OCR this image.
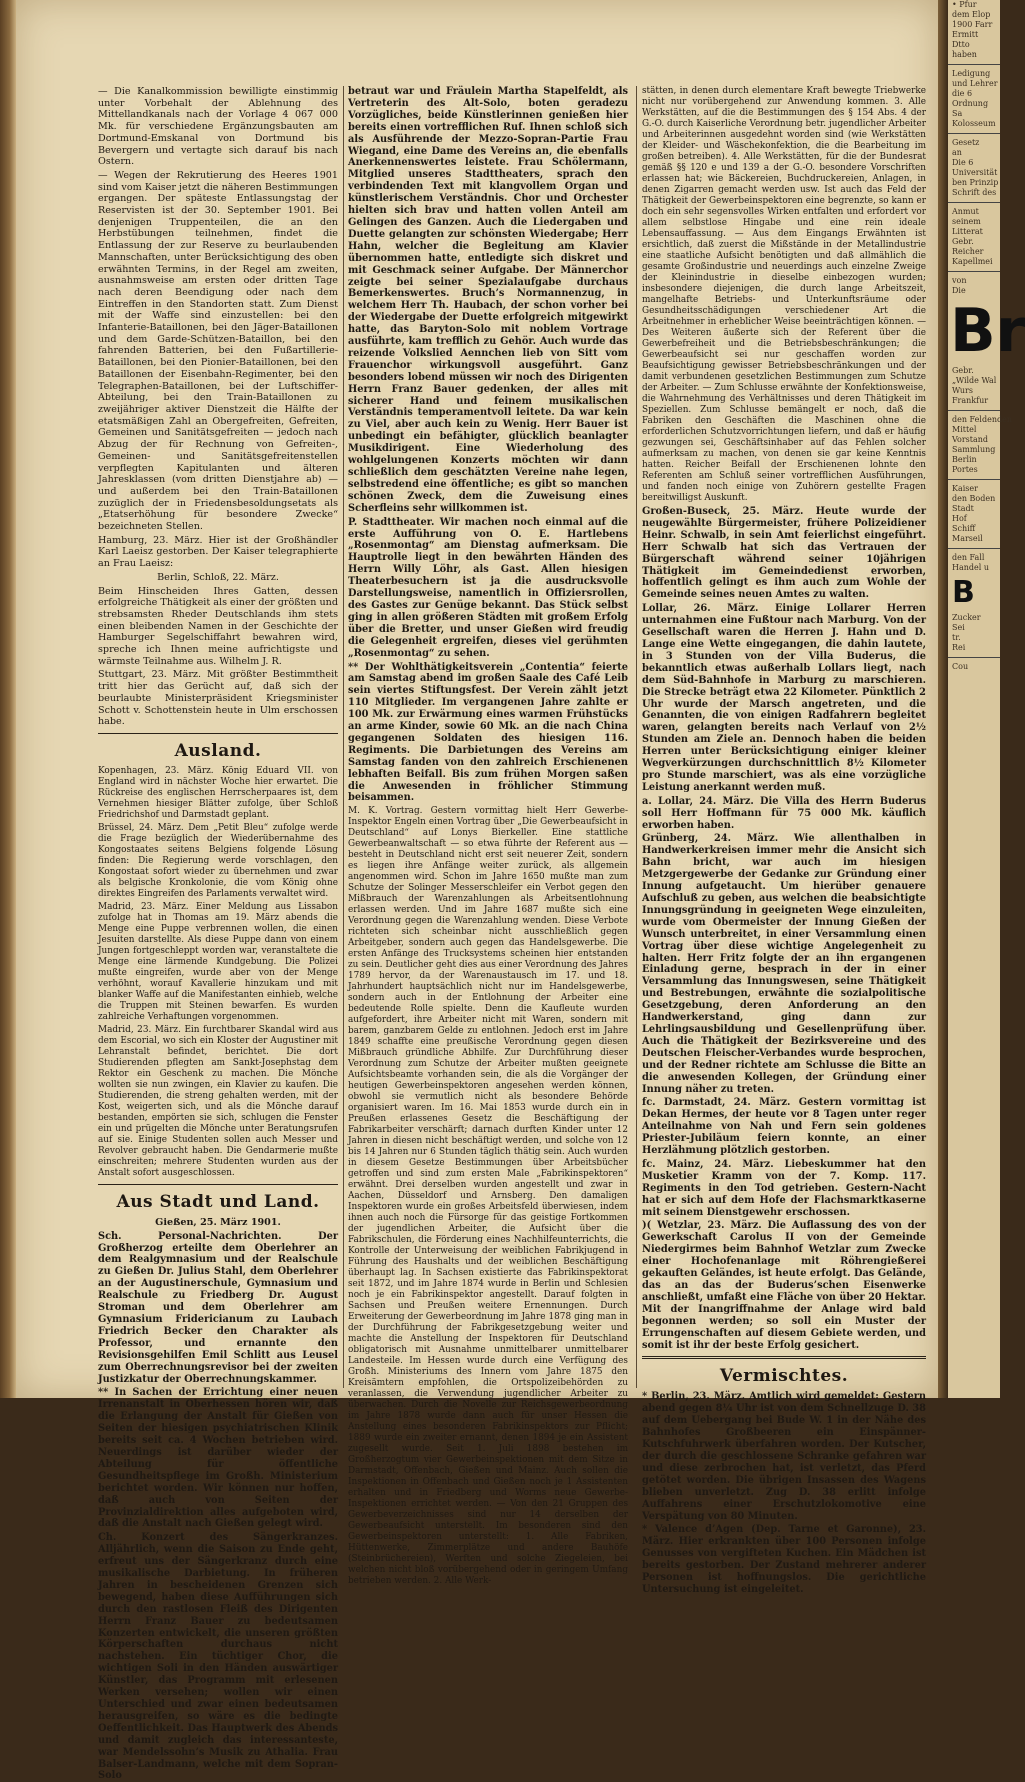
— Die Kanalkommission bewilligte einstimmig unter Vorbehalt der Ablehnung des Mittellandkanals nach der Vorlage 4 067 000 Mk. für verschiedene Ergänzungsbauten am Dortmund-Emskanal von Dortmund bis Bevergern und vertagte sich darauf bis nach Ostern.

— Wegen der Rekrutierung des Heeres 1901 sind vom Kaiser jetzt die näheren Bestimmungen ergangen. Der späteste Entlassungstag der Reservisten ist der 30. September 1901. Bei denjenigen Truppenteilen, die an den Herbstübungen teilnehmen, findet die Entlassung der zur Reserve zu beurlaubenden Mannschaften, unter Berücksichtigung des oben erwähnten Termins, in der Regel am zweiten, ausnahmsweise am ersten oder dritten Tage nach deren Beendigung oder nach dem Eintreffen in den Standorten statt. Zum Dienst mit der Waffe sind einzustellen: bei den Infanterie-Bataillonen, bei den Jäger-Bataillonen und dem Garde-Schützen-Bataillon, bei den fahrenden Batterien, bei den Fußartillerie-Bataillonen, bei den Pionier-Bataillonen, bei den Bataillonen der Eisenbahn-Regimenter, bei den Telegraphen-Bataillonen, bei der Luftschiffer-Abteilung, bei den Train-Bataillonen zu zweijähriger aktiver Dienstzeit die Hälfte der etatsmäßigen Zahl an Obergefreiten, Gefreiten, Gemeinen und Sanitätsgefreiten — jedoch nach Abzug der für Rechnung von Gefreiten-, Gemeinen- und Sanitätsgefreitenstellen verpflegten Kapitulanten und älteren Jahresklassen (vom dritten Dienstjahre ab) — und außerdem bei den Train-Bataillonen zuzüglich der in Friedensbesoldungsetats als „Etatserhöhung für besondere Zwecke“ bezeichneten Stellen.

Hamburg, 23. März. Hier ist der Großhändler Karl Laeisz gestorben. Der Kaiser telegraphierte an Frau Laeisz:

Berlin, Schloß, 22. März.

Beim Hinscheiden Ihres Gatten, dessen erfolgreiche Thätigkeit als einer der größten und strebsamsten Rheder Deutschlands ihm stets einen bleibenden Namen in der Geschichte der Hamburger Segelschiffahrt bewahren wird, spreche ich Ihnen meine aufrichtigste und wärmste Teilnahme aus. Wilhelm J. R.

Stuttgart, 23. März. Mit größter Bestimmtheit tritt hier das Gerücht auf, daß sich der beurlaubte Ministerpräsident Kriegsminister Schott v. Schottenstein heute in Ulm erschossen habe.

Ausland.

Kopenhagen, 23. März. König Eduard VII. von England wird in nächster Woche hier erwartet. Die Rückreise des englischen Herrscherpaares ist, dem Vernehmen hiesiger Blätter zufolge, über Schloß Friedrichshof und Darmstadt geplant.

Brüssel, 24. März. Dem „Petit Bleu“ zufolge werde die Frage bezüglich der Wiederübernahme des Kongostaates seitens Belgiens folgende Lösung finden: Die Regierung werde vorschlagen, den Kongostaat sofort wieder zu übernehmen und zwar als belgische Kronkolonie, die vom König ohne direktes Eingreifen des Parlaments verwaltet wird.

Madrid, 23. März. Einer Meldung aus Lissabon zufolge hat in Thomas am 19. März abends die Menge eine Puppe verbrennen wollen, die einen Jesuiten darstellte. Als diese Puppe dann von einem Jungen fortgeschleppt worden war, veranstaltete die Menge eine lärmende Kundgebung. Die Polizei mußte eingreifen, wurde aber von der Menge verhöhnt, worauf Kavallerie hinzukam und mit blanker Waffe auf die Manifestanten einhieb, welche die Truppen mit Steinen bewarfen. Es wurden zahlreiche Verhaftungen vorgenommen.

Madrid, 23. März. Ein furchtbarer Skandal wird aus dem Escorial, wo sich ein Kloster der Augustiner mit Lehranstalt befindet, berichtet. Die dort Studierenden pflegten am Sankt-Josephstag dem Rektor ein Geschenk zu machen. Die Mönche wollten sie nun zwingen, ein Klavier zu kaufen. Die Studierenden, die streng gehalten werden, mit der Kost, weigerten sich, und als die Mönche darauf bestanden, empörten sie sich, schlugen die Fenster ein und prügelten die Mönche unter Beratungsrufen auf sie. Einige Studenten sollen auch Messer und Revolver gebraucht haben. Die Gendarmerie mußte einschreiten; mehrere Studenten wurden aus der Anstalt sofort ausgeschlossen.

Aus Stadt und Land.

Gießen, 25. März 1901.

Sch. Personal-Nachrichten. Der Großherzog erteilte dem Oberlehrer an dem Realgymnasium und der Realschule zu Gießen Dr. Julius Stahl, dem Oberlehrer an der Augustinerschule, Gymnasium und Realschule zu Friedberg Dr. August Stroman und dem Oberlehrer am Gymnasium Fridericianum zu Laubach Friedrich Becker den Charakter als Professor, und ernannte den Revisionsgehilfen Emil Schlitt aus Leusel zum Oberrechnungsrevisor bei der zweiten Justizkatur der Oberrechnungskammer.

** In Sachen der Errichtung einer neuen Irrenanstalt in Oberhessen hören wir, daß die Erlangung der Anstalt für Gießen von Seiten der hiesigen psychiatrischen Klinik bereits seit ca. 4 Wochen betrieben wird. Neuerdings ist darüber wieder der Abteilung für öffentliche Gesundheitspflege im Großh. Ministerium berichtet worden. Wir können nur hoffen, daß auch von Seiten der Provinzialdirektion alles aufgeboten wird, daß die Anstalt nach Gießen gelegt wird.

Ch. Konzert des Sängerkranzes. Alljährlich, wenn die Saison zu Ende geht, erfreut uns der Sängerkranz durch eine musikalische Darbietung. In früheren Jahren in bescheidenen Grenzen sich bewegend, haben diese Aufführungen sich durch den rastlosen Fleiß des Dirigenten Herrn Franz Bauer zu bedeutsamen Konzerten entwickelt, die unseren größten Körperschaften durchaus nicht nachstehen. Ein tüchtiger Chor, die wichtigen Soli in den Händen auswärtiger Künstler, das Programm mit erlesenen Werken versehen; wollen wir einen Unterschied und zwar einen bedeutsamen herausgreifen, so wäre es die bedingte Oeffentlichkeit. Das Hauptwerk des Abends und damit zugleich das interessanteste, war Mendelssohn’s Musik zu Athalia. Frau Balser-Landmann, welche mit dem Sopran-Solo

betraut war und Fräulein Martha Stapelfeldt, als Vertreterin des Alt-Solo, boten geradezu Vorzügliches, beide Künstlerinnen genießen hier bereits einen vortrefflichen Ruf. Ihnen schloß sich als Ausführende der Mezzo-Sopran-Partie Frau Wiegand, eine Dame des Vereins an, die ebenfalls Anerkennenswertes leistete. Frau Schölermann, Mitglied unseres Stadttheaters, sprach den verbindenden Text mit klangvollem Organ und künstlerischem Verständnis. Chor und Orchester hielten sich brav und hatten vollen Anteil am Gelingen des Ganzen. Auch die Liedergaben und Duette gelangten zur schönsten Wiedergabe; Herr Hahn, welcher die Begleitung am Klavier übernommen hatte, entledigte sich diskret und mit Geschmack seiner Aufgabe. Der Männerchor zeigte bei seiner Spezialaufgabe durchaus Bemerkenswertes. Bruch’s Normannenzug, in welchem Herr Th. Haubach, der schon vorher bei der Wiedergabe der Duette erfolgreich mitgewirkt hatte, das Baryton-Solo mit noblem Vortrage ausführte, kam trefflich zu Gehör. Auch wurde das reizende Volkslied Aennchen lieb von Sitt vom Frauenchor wirkungsvoll ausgeführt. Ganz besonders lobend müssen wir noch des Dirigenten Herrn Franz Bauer gedenken, der alles mit sicherer Hand und feinem musikalischen Verständnis temperamentvoll leitete. Da war kein zu Viel, aber auch kein zu Wenig. Herr Bauer ist unbedingt ein befähigter, glücklich beanlagter Musikdirigent. Eine Wiederholung des wohlgelungenen Konzerts möchten wir dann schließlich dem geschätzten Vereine nahe legen, selbstredend eine öffentliche; es gibt so manchen schönen Zweck, dem die Zuweisung eines Scherfleins sehr willkommen ist.

P. Stadttheater. Wir machen noch einmal auf die erste Aufführung von O. E. Hartlebens „Rosenmontag“ am Dienstag aufmerksam. Die Hauptrolle liegt in den bewährten Händen des Herrn Willy Löhr, als Gast. Allen hiesigen Theaterbesuchern ist ja die ausdrucksvolle Darstellungsweise, namentlich in Offiziersrollen, des Gastes zur Genüge bekannt. Das Stück selbst ging in allen größeren Städten mit großem Erfolg über die Bretter, und unser Gießen wird freudig die Gelegenheit ergreifen, dieses viel gerühmten „Rosenmontag“ zu sehen.

** Der Wohlthätigkeitsverein „Contentia“ feierte am Samstag abend im großen Saale des Café Leib sein viertes Stiftungsfest. Der Verein zählt jetzt 110 Mitglieder. Im vergangenen Jahre zahlte er 100 Mk. zur Erwärmung eines warmen Frühstücks an arme Kinder, sowie 60 Mk. an die nach China gegangenen Soldaten des hiesigen 116. Regiments. Die Darbietungen des Vereins am Samstag fanden von den zahlreich Erschienenen lebhaften Beifall. Bis zum frühen Morgen saßen die Anwesenden in fröhlicher Stimmung beisammen.

M. K. Vortrag. Gestern vormittag hielt Herr Gewerbe-Inspektor Engeln einen Vortrag über „Die Gewerbeaufsicht in Deutschland“ auf Lonys Bierkeller. Eine stattliche Gewerbeanwaltschaft — so etwa führte der Referent aus — besteht in Deutschland nicht erst seit neuerer Zeit, sondern es liegen ihre Anfänge weiter zurück, als allgemein angenommen wird. Schon im Jahre 1650 mußte man zum Schutze der Solinger Messerschleifer ein Verbot gegen den Mißbrauch der Warenzahlungen als Arbeitsentlohnung erlassen werden. Und im Jahre 1687 mußte sich eine Verordnung gegen die Warenzahlung wenden. Diese Verbote richteten sich scheinbar nicht ausschließlich gegen Arbeitgeber, sondern auch gegen das Handelsgewerbe. Die ersten Anfänge des Trucksystems scheinen hier entstanden zu sein. Deutlicher geht dies aus einer Verordnung des Jahres 1789 hervor, da der Warenaustausch im 17. und 18. Jahrhundert hauptsächlich nicht nur im Handelsgewerbe, sondern auch in der Entlohnung der Arbeiter eine bedeutende Rolle spielte. Denn die Kaufleute wurden aufgefordert, ihre Arbeiter nicht mit Waren, sondern mit barem, ganzbarem Gelde zu entlohnen. Jedoch erst im Jahre 1849 schaffte eine preußische Verordnung gegen diesen Mißbrauch gründliche Abhilfe. Zur Durchführung dieser Verordnung zum Schutze der Arbeiter mußten geeignete Aufsichtsbeamte vorhanden sein, die als die Vorgänger der heutigen Gewerbeinspektoren angesehen werden können, obwohl sie vermutlich nicht als besondere Behörde organisiert waren. Im 16. Mai 1853 wurde durch ein in Preußen erlassenes Gesetz die Beschäftigung der Fabrikarbeiter verschärft; darnach durften Kinder unter 12 Jahren in diesen nicht beschäftigt werden, und solche von 12 bis 14 Jahren nur 6 Stunden täglich thätig sein. Auch wurden in diesem Gesetze Bestimmungen über Arbeitsbücher getroffen und sind zum ersten Male „Fabrikinspektoren“ erwähnt. Drei derselben wurden angestellt und zwar in Aachen, Düsseldorf und Arnsberg. Den damaligen Inspektoren wurde ein großes Arbeitsfeld überwiesen, indem ihnen auch noch die Fürsorge für das geistige Fortkommen der jugendlichen Arbeiter, die Aufsicht über die Fabrikschulen, die Förderung eines Nachhilfeunterrichts, die Kontrolle der Unterweisung der weiblichen Fabrikjugend in Führung des Haushalts und der weiblichen Beschäftigung überhaupt lag. In Sachsen existierte das Fabrikinspektorat seit 1872, und im Jahre 1874 wurde in Berlin und Schlesien noch je ein Fabrikinspektor angestellt. Darauf folgten in Sachsen und Preußen weitere Ernennungen. Durch Erweiterung der Gewerbeordnung im Jahre 1878 ging man in der Durchführung der Fabrikgesetzgebung weiter und machte die Anstellung der Inspektoren für Deutschland obligatorisch mit Ausnahme unmittelbarer unmittelbarer Landesteile. Im Hessen wurde durch eine Verfügung des Großh. Ministeriums des Innern vom Jahre 1875 den Kreisämtern empfohlen, die Ortspolizeibehörden zu veranlassen, die Verwendung jugendlicher Arbeiter zu überwachen. Durch die Novelle zur Reichsgewerbeordnung im Jahre 1878 wurde dann auch für unser Hessen die Anstellung eines besonderen Fabrikinspektors zur Pflicht; 1889 wurde ein zweiter ernannt, denen 1894 je ein Assistent zugesellt wurde. Seit 1. Juli 1898 bestehen im Großherzogtum vier Gewerbeinspektionen mit dem Sitze in Darmstadt, Offenbach, Gießen und Mainz. Auch sollen die Inspektionen in Offenbach und Gießen noch je 1 Assistenten erhalten und in Friedberg und Worms neue Gewerbe-Inspektionen errichtet werden. — Von den 21 Gruppen des Gewerbeverzeichnisses sind nur 14 derselben der Gewerbeaufsicht unterstellt. Im besonderen sind den Gewerbeinspektoren unterstellt: 1. Alle Fabriken, Hüttenwerke, Zimmerplätze und andere Bauhöfe (Steinbrüchereien), Werften und solche Ziegeleien, bei welchen nicht bloß vorübergehend oder in geringem Umfang betrieben werden. 2. Alle Werk-

stätten, in denen durch elementare Kraft bewegte Triebwerke nicht nur vorübergehend zur Anwendung kommen. 3. Alle Werkstätten, auf die die Bestimmungen des § 154 Abs. 4 der G.-O. durch Kaiserliche Verordnung betr. jugendlicher Arbeiter und Arbeiterinnen ausgedehnt worden sind (wie Werkstätten der Kleider- und Wäschekonfektion, die die Bearbeitung im großen betreiben). 4. Alle Werkstätten, für die der Bundesrat gemäß §§ 120 e und 139 a der G.-O. besondere Vorschriften erlassen hat; wie Bäckereien, Buchdruckereien, Anlagen, in denen Zigarren gemacht werden usw. Ist auch das Feld der Thätigkeit der Gewerbeinspektoren eine begrenzte, so kann er doch ein sehr segensvolles Wirken entfalten und erfordert vor allem selbstlose Hingabe und eine rein ideale Lebensauffassung. — Aus dem Eingangs Erwähnten ist ersichtlich, daß zuerst die Mißstände in der Metallindustrie eine staatliche Aufsicht benötigten und daß allmählich die gesamte Großindustrie und neuerdings auch einzelne Zweige der Kleinindustrie in dieselbe einbezogen wurden; insbesondere diejenigen, die durch lange Arbeitszeit, mangelhafte Betriebs- und Unterkunftsräume oder Gesundheitsschädigungen verschiedener Art die Arbeitnehmer in erheblicher Weise beeinträchtigen können. — Des Weiteren äußerte sich der Referent über die Gewerbefreiheit und die Betriebsbeschränkungen; die Gewerbeaufsicht sei nur geschaffen worden zur Beaufsichtigung gewisser Betriebsbeschränkungen und der damit verbundenen gesetzlichen Bestimmungen zum Schutze der Arbeiter. — Zum Schlusse erwähnte der Konfektionsweise, die Wahrnehmung des Verhältnisses und deren Thätigkeit im Speziellen. Zum Schlusse bemängelt er noch, daß die Fabriken den Geschäften die Maschinen ohne die erforderlichen Schutzvorrichtungen liefern, und daß er häufig gezwungen sei, Geschäftsinhaber auf das Fehlen solcher aufmerksam zu machen, von denen sie gar keine Kenntnis hatten. Reicher Beifall der Erschienenen lohnte den Referenten am Schluß seiner vortrefflichen Ausführungen, und fanden noch einige von Zuhörern gestellte Fragen bereitwilligst Auskunft.

Großen-Buseck, 25. März. Heute wurde der neugewählte Bürgermeister, frühere Polizeidiener Heinr. Schwalb, in sein Amt feierlichst eingeführt. Herr Schwalb hat sich das Vertrauen der Bürgerschaft während seiner 10jährigen Thätigkeit im Gemeindedienst erworben, hoffentlich gelingt es ihm auch zum Wohle der Gemeinde seines neuen Amtes zu walten.

Lollar, 26. März. Einige Lollarer Herren unternahmen eine Fußtour nach Marburg. Von der Gesellschaft waren die Herren J. Hahn und D. Lange eine Wette eingegangen, die dahin lautete, in 3 Stunden von der Villa Buderus, die bekanntlich etwas außerhalb Lollars liegt, nach dem Süd-Bahnhofe in Marburg zu marschieren. Die Strecke beträgt etwa 22 Kilometer. Pünktlich 2 Uhr wurde der Marsch angetreten, und die Genannten, die von einigen Radfahrern begleitet waren, gelangten bereits nach Verlauf von 2½ Stunden am Ziele an. Dennoch haben die beiden Herren unter Berücksichtigung einiger kleiner Wegverkürzungen durchschnittlich 8½ Kilometer pro Stunde marschiert, was als eine vorzügliche Leistung anerkannt werden muß.

a. Lollar, 24. März. Die Villa des Herrn Buderus soll Herr Hoffmann für 75 000 Mk. käuflich erworben haben.

Grünberg, 24. März. Wie allenthalben in Handwerkerkreisen immer mehr die Ansicht sich Bahn bricht, war auch im hiesigen Metzgergewerbe der Gedanke zur Gründung einer Innung aufgetaucht. Um hierüber genauere Aufschluß zu geben, aus welchen die beabsichtigte Innungsgründung in geeigneten Wege einzuleiten, wurde vom Obermeister der Innung Gießen der Wunsch unterbreitet, in einer Versammlung einen Vortrag über diese wichtige Angelegenheit zu halten. Herr Fritz folgte der an ihn ergangenen Einladung gerne, besprach in der in einer Versammlung das Innungswesen, seine Thätigkeit und Bestrebungen, erwähnte die sozialpolitische Gesetzgebung, deren Anforderung an den Handwerkerstand, ging dann zur Lehrlingsausbildung und Gesellenprüfung über. Auch die Thätigkeit der Bezirksvereine und des Deutschen Fleischer-Verbandes wurde besprochen, und der Redner richtete am Schlusse die Bitte an die anwesenden Kollegen, der Gründung einer Innung näher zu treten.

fc. Darmstadt, 24. März. Gestern vormittag ist Dekan Hermes, der heute vor 8 Tagen unter reger Anteilnahme von Nah und Fern sein goldenes Priester-Jubiläum feiern konnte, an einer Herzlähmung plötzlich gestorben.

fc. Mainz, 24. März. Liebeskummer hat den Musketier Kramm von der 7. Komp. 117. Regiments in den Tod getrieben. Gestern-Nacht hat er sich auf dem Hofe der Flachsmarktkaserne mit seinem Dienstgewehr erschossen.

)( Wetzlar, 23. März. Die Auflassung des von der Gewerkschaft Carolus II von der Gemeinde Niedergirmes beim Bahnhof Wetzlar zum Zwecke einer Hochofenanlage mit Röhrengießerei gekauften Geländes, ist heute erfolgt. Das Gelände, das an das der Buderus’schen Eisenwerke anschließt, umfaßt eine Fläche von über 20 Hektar. Mit der Inangriffnahme der Anlage wird bald begonnen werden; so soll ein Muster der Errungenschaften auf diesem Gebiete werden, und somit ist ihr der beste Erfolg gesichert.

Vermischtes.

* Berlin, 23. März. Amtlich wird gemeldet: Gestern abend gegen 8¼ Uhr ist von dem Schnellzuge D. 38 auf dem Uebergang bei Bude W. 1 in der Nähe des Bahnhofes Großbeeren ein Einspänner-Kutschfuhrwerk überfahren worden. Der Kutscher, der durch die geschlossene Schranke gefahren war und diese zerbrochen hat, ist verletzt, das Pferd getötet worden. Die übrigen Insassen des Wagens blieben unverletzt. Zug D. 38 erlitt infolge Auffahrens einer Erschutzlokomotive eine Verspätung von 80 Minuten.

* Valence d’Agen (Dep. Tarne et Garonne), 23. März. Hier erkrankten über 100 Personen infolge Genusses von vergifteten Kuchen. Ein Mädchen ist bereits gestorben. Der Zustand mehrerer anderer Personen ist hoffnungslos. Die gerichtliche Untersuchung ist eingeleitet.

• Pfur
dem Elop
1900 Farr
Ermitt
Dtto
haben
Ledigung
und Lehrer
die 6
Ordnung
Sa
Kolosseum
Gesetz
an
Die 6
Universität
ben Prinzip
Schrift des
Anmut
seinem
Litterat
Gebr.
Reicher
Kapellmei
von
Die
Br
Gebr.
„Wilde Wal
Wurs
Frankfur
den Feldenden
Mittel
Vorstand
Sammlung
Berlin
Portes
Kaiser
den Boden
Stadt
Hof
Schiff
Marseil
den Fall
Handel u
B
Zucker
Sei
tr.
Rei
Cou
